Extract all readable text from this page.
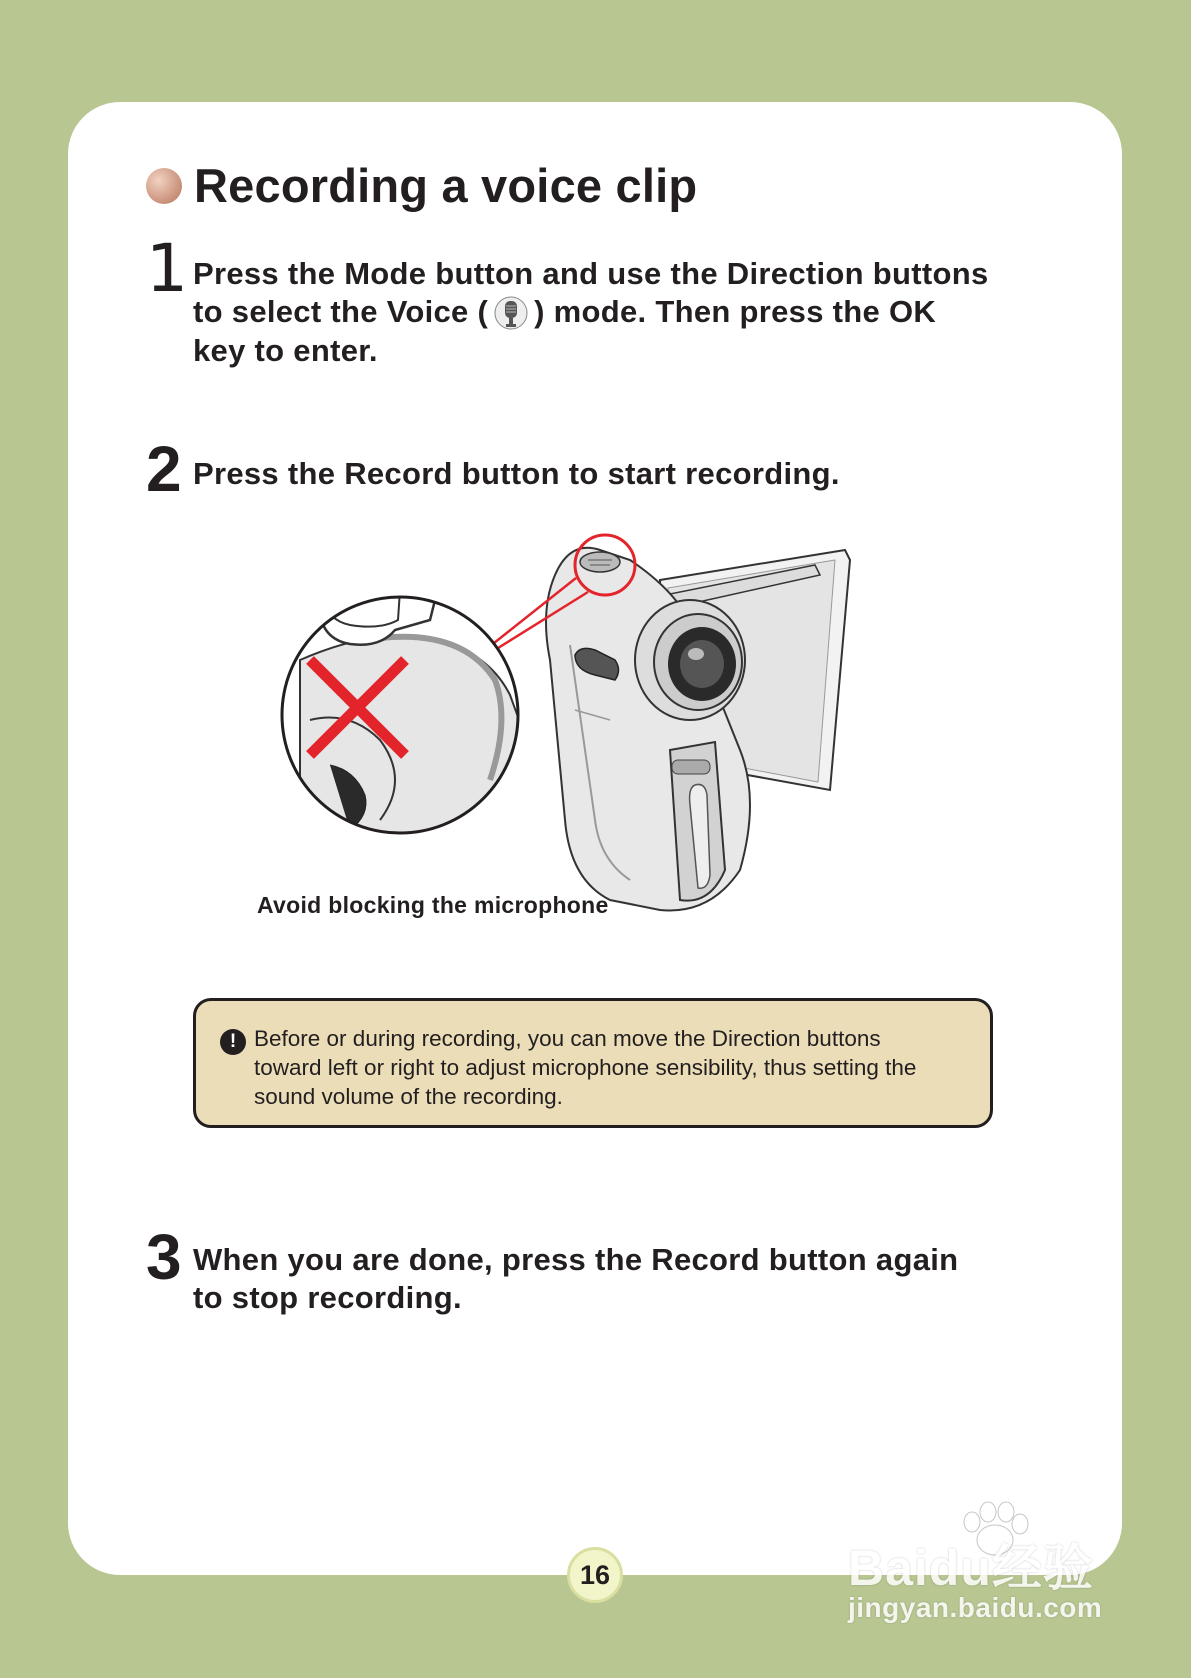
Recording a voice clip
1 Press the Mode button and use the Direction buttons
to select the Voice ( ) mode. Then press the OK
key to enter.
2 Press the Record button to start recording.
Avoid blocking the microphone
! Before or during recording, you can move the Direction buttons
toward left or right to adjust microphone sensibility, thus setting the
sound volume of the recording.
3 When you are done, press the Record button again
to stop recording.
16	Baidu经验
jingyan.baidu.com
